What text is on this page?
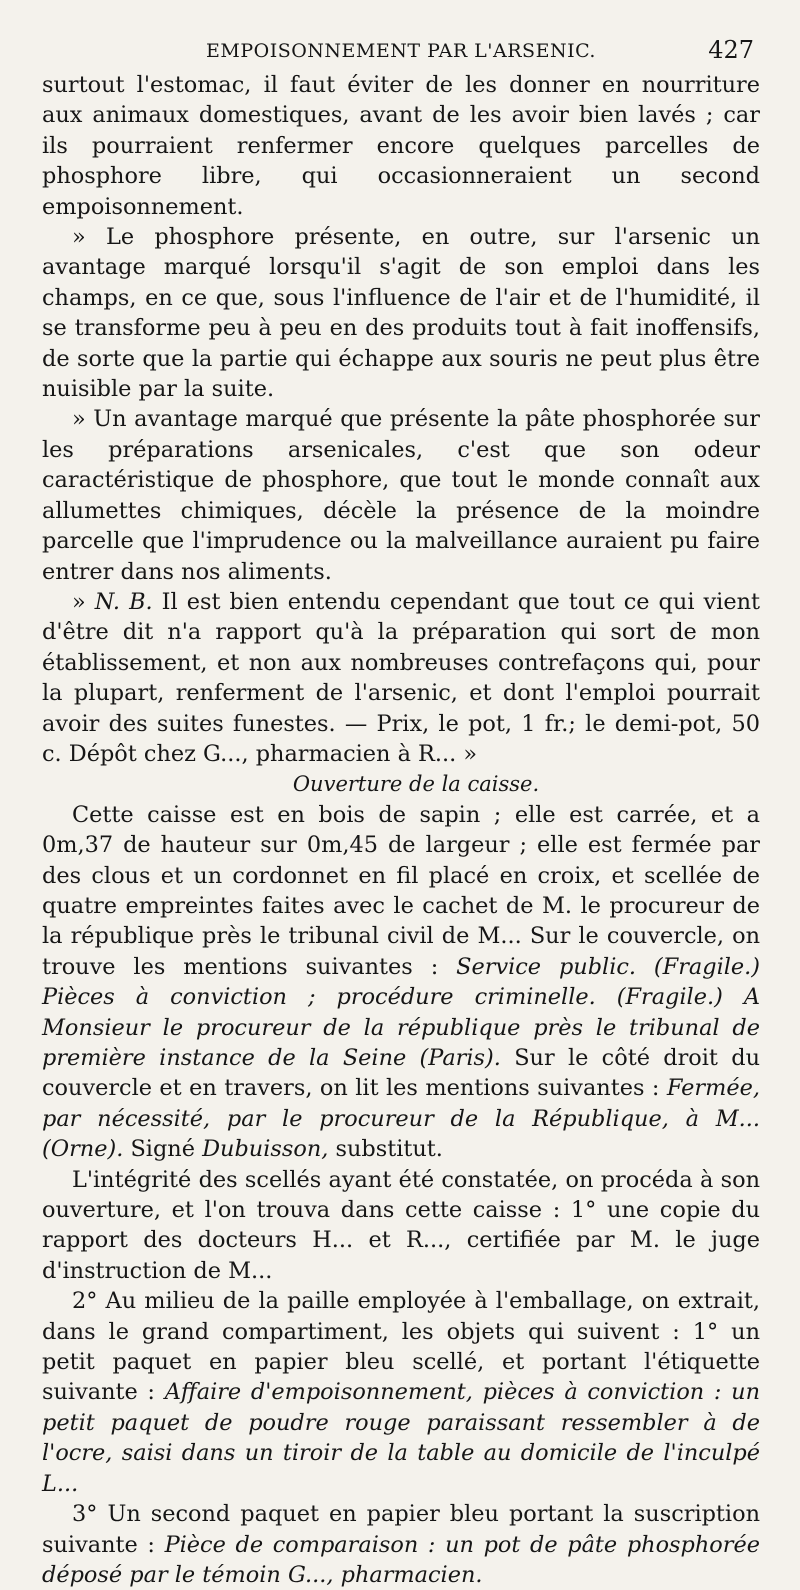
EMPOISONNEMENT PAR L'ARSENIC.	427

surtout l'estomac, il faut éviter de les donner en nourriture aux animaux domestiques, avant de les avoir bien lavés ; car ils pourraient renfermer encore quelques parcelles de phosphore libre, qui occasionneraient un second empoisonnement.

» Le phosphore présente, en outre, sur l'arsenic un avantage marqué lorsqu'il s'agit de son emploi dans les champs, en ce que, sous l'influence de l'air et de l'humidité, il se transforme peu à peu en des produits tout à fait inoffensifs, de sorte que la partie qui échappe aux souris ne peut plus être nuisible par la suite.

» Un avantage marqué que présente la pâte phosphorée sur les préparations arsenicales, c'est que son odeur caractéristique de phosphore, que tout le monde connaît aux allumettes chimiques, décèle la présence de la moindre parcelle que l'imprudence ou la malveillance auraient pu faire entrer dans nos aliments.

» N. B. Il est bien entendu cependant que tout ce qui vient d'être dit n'a rapport qu'à la préparation qui sort de mon établissement, et non aux nombreuses contrefaçons qui, pour la plupart, renferment de l'arsenic, et dont l'emploi pourrait avoir des suites funestes. — Prix, le pot, 1 fr.; le demi-pot, 50 c. Dépôt chez G..., pharmacien à R... »

Ouverture de la caisse.

Cette caisse est en bois de sapin ; elle est carrée, et a 0m,37 de hauteur sur 0m,45 de largeur ; elle est fermée par des clous et un cordonnet en fil placé en croix, et scellée de quatre empreintes faites avec le cachet de M. le procureur de la république près le tribunal civil de M... Sur le couvercle, on trouve les mentions suivantes : Service public. (Fragile.) Pièces à conviction ; procédure criminelle. (Fragile.) A Monsieur le procureur de la république près le tribunal de première instance de la Seine (Paris). Sur le côté droit du couvercle et en travers, on lit les mentions suivantes : Fermée, par nécessité, par le procureur de la République, à M... (Orne). Signé Dubuisson, substitut.

L'intégrité des scellés ayant été constatée, on procéda à son ouverture, et l'on trouva dans cette caisse : 1° une copie du rapport des docteurs H... et R..., certifiée par M. le juge d'instruction de M...

2° Au milieu de la paille employée à l'emballage, on extrait, dans le grand compartiment, les objets qui suivent : 1° un petit paquet en papier bleu scellé, et portant l'étiquette suivante : Affaire d'empoisonnement, pièces à conviction : un petit paquet de poudre rouge paraissant ressembler à de l'ocre, saisi dans un tiroir de la table au domicile de l'inculpé L...

3° Un second paquet en papier bleu portant la suscription suivante : Pièce de comparaison : un pot de pâte phosphorée déposé par le témoin G..., pharmacien.
